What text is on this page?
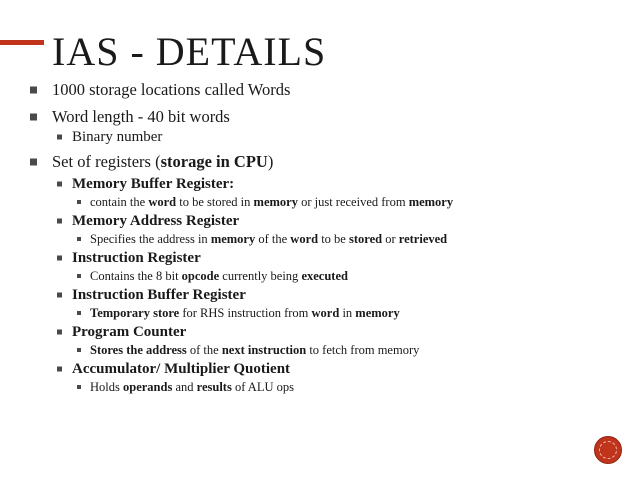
IAS - DETAILS
1000 storage locations called Words
Word length - 40 bit words
Binary number
Set of registers (storage in CPU)
Memory Buffer Register:
contain the word to be stored in memory or just received from memory
Memory Address Register
Specifies the address in memory of the word to be stored or retrieved
Instruction Register
Contains the 8 bit opcode currently being executed
Instruction Buffer Register
Temporary store for RHS instruction from word in memory
Program Counter
Stores the address of the next instruction to fetch from memory
Accumulator/ Multiplier Quotient
Holds operands and results of ALU ops
